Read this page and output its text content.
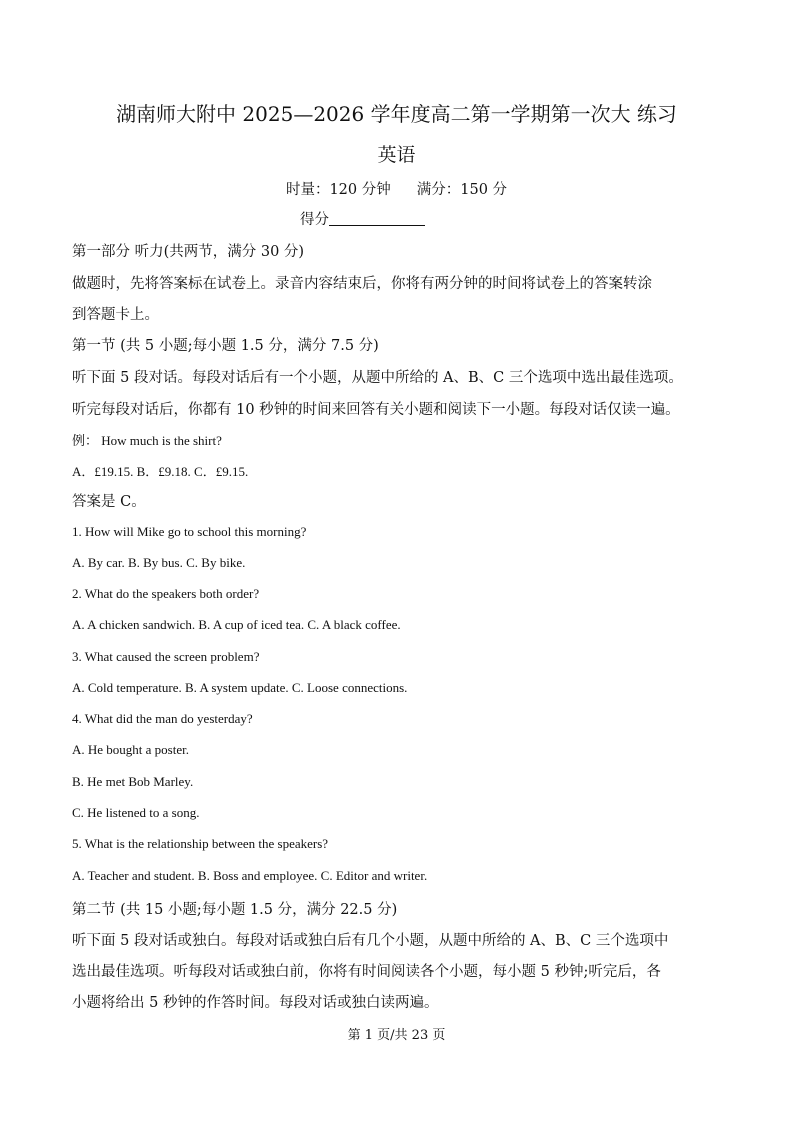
湖南师大附中 2025—2026 学年度高二第一学期第一次大 练习
英语
时量：120 分钟 满分：150 分
得分
第一部分 听力(共两节，满分 30 分)
做题时，先将答案标在试卷上。录音内容结束后，你将有两分钟的时间将试卷上的答案转涂
到答题卡上。
第一节 (共 5 小题;每小题 1.5 分，满分 7.5 分)
听下面 5 段对话。每段对话后有一个小题，从题中所给的 A、B、C 三个选项中选出最佳选项。
听完每段对话后，你都有 10 秒钟的时间来回答有关小题和阅读下一小题。每段对话仅读一遍。
例： How much is the shirt?
A．£19.15. B．£9.18. C．£9.15.
答案是 C。
1. How will Mike go to school this morning?
A. By car. B. By bus. C. By bike.
2. What do the speakers both order?
A. A chicken sandwich. B. A cup of iced tea. C. A black coffee.
3. What caused the screen problem?
A. Cold temperature. B. A system update. C. Loose connections.
4. What did the man do yesterday?
A. He bought a poster.
B. He met Bob Marley.
C. He listened to a song.
5. What is the relationship between the speakers?
A. Teacher and student. B. Boss and employee. C. Editor and writer.
第二节 (共 15 小题;每小题 1.5 分，满分 22.5 分)
听下面 5 段对话或独白。每段对话或独白后有几个小题，从题中所给的 A、B、C 三个选项中
选出最佳选项。听每段对话或独白前，你将有时间阅读各个小题，每小题 5 秒钟;听完后，各
小题将给出 5 秒钟的作答时间。每段对话或独白读两遍。
第 1 页/共 23 页
